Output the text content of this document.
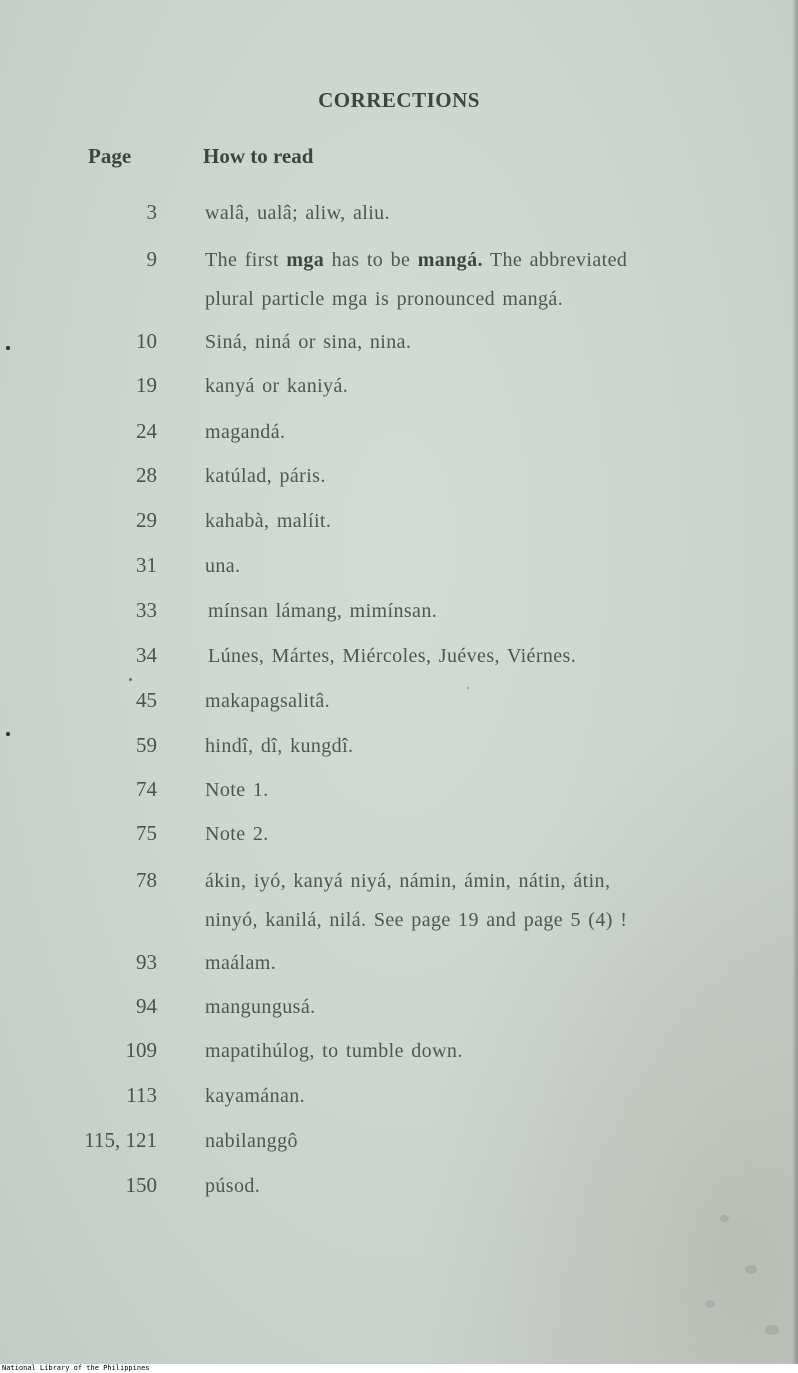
CORRECTIONS
Page	How to read
3 walâ, ualâ; aliw, aliu.
9 The first mga has to be mangá. The abbreviated
plural particle mga is pronounced mangá.
10 Siná, niná or sina, nina.
19 kanyá or kaniyá.
24 magandá.
28 katúlad, páris.
29 kahabà, malíit.
31 una.
33	mínsan lámang, mimínsan.
34	Lúnes, Mártes, Miércoles, Juéves, Viérnes.
45 makapagsalitâ.
59 hindî, dî, kungdî.
74 Note 1.
75 Note 2.
78 ákin, iyó, kanyá niyá, námin, ámin, nátin, átin,
ninyó, kanilá, nilá. See page 19 and page 5 (4) !
93 maálam.
94 mangungusá.
109 mapatihúlog, to tumble down.
113 kayamánan.
115, 121 nabilanggô
150 púsod.
National Library of the Philippines
